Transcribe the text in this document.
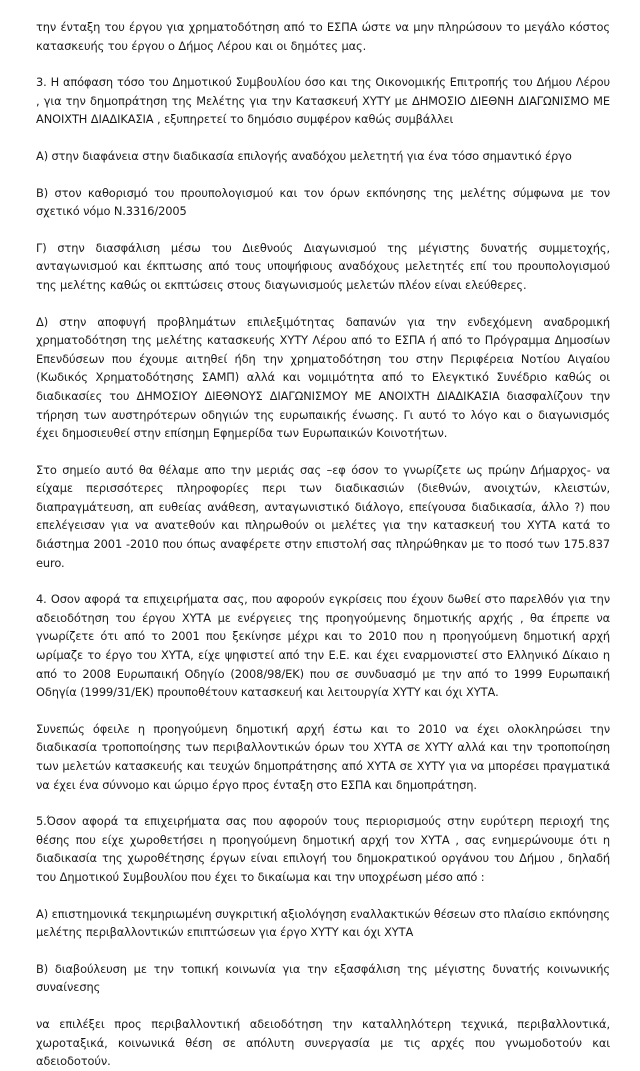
την ένταξη του έργου για χρηματοδότηση από το ΕΣΠΑ ώστε να μην πληρώσουν το μεγάλο κόστος κατασκευής του έργου ο Δήμος Λέρου και οι δημότες μας.

3. Η απόφαση τόσο του Δημοτικού Συμβουλίου όσο και της Οικονομικής Επιτροπής του Δήμου Λέρου , για την δημοπράτηση της Μελέτης για την Κατασκευή ΧΥΤΥ με ΔΗΜΟΣΙΟ ΔΙΕΘΝΗ ΔΙΑΓΩΝΙΣΜΟ ΜΕ ΑΝΟΙΧΤΗ ΔΙΑΔΙΚΑΣΙΑ , εξυπηρετεί το δημόσιο συμφέρον καθώς συμβάλλει

Α) στην διαφάνεια στην διαδικασία επιλογής αναδόχου μελετητή για ένα τόσο σημαντικό έργο

Β) στον καθορισμό του προυπολογισμού και τον όρων εκπόνησης της μελέτης σύμφωνα με τον σχετικό νόμο Ν.3316/2005

Γ) στην διασφάλιση μέσω του Διεθνούς Διαγωνισμού της μέγιστης δυνατής συμμετοχής, ανταγωνισμού και έκπτωσης από τους υποψήφιους αναδόχους μελετητές επί του προυπολογισμού της μελέτης καθώς οι εκπτώσεις στους διαγωνισμούς μελετών πλέον είναι ελεύθερες.

Δ) στην αποφυγή προβλημάτων επιλεξιμότητας δαπανών για την ενδεχόμενη αναδρομική χρηματοδότηση της μελέτης κατασκευής ΧΥΤΥ Λέρου από το ΕΣΠΑ ή από το Πρόγραμμα Δημοσίων Επενδύσεων που έχουμε αιτηθεί ήδη την χρηματοδότηση του στην Περιφέρεια Νοτίου Αιγαίου (Κωδικός Χρηματοδότησης ΣΑΜΠ) αλλά και νομιμότητα από το Ελεγκτικό Συνέδριο καθώς οι διαδικασίες του ΔΗΜΟΣΙΟΥ ΔΙΕΘΝΟΥΣ ΔΙΑΓΩΝΙΣΜΟΥ ΜΕ ΑΝΟΙΧΤΗ ΔΙΑΔΙΚΑΣΙΑ διασφαλίζουν την τήρηση των αυστηρότερων οδηγιών της ευρωπαικής ένωσης. Γι αυτό το λόγο και ο διαγωνισμός έχει δημοσιευθεί στην επίσημη Εφημερίδα των Ευρωπαικών Κοινοτήτων.

Στο σημείο αυτό θα θέλαμε απο την μεριάς σας –εφ όσον το γνωρίζετε ως πρώην Δήμαρχος- να είχαμε περισσότερες πληροφορίες περι των διαδικασιών (διεθνών, ανοιχτών, κλειστών, διαπραγμάτευση, απ ευθείας ανάθεση, ανταγωνιστικό διάλογο, επείγουσα διαδικασία, άλλο ?) που επελέγεισαν για να ανατεθούν και πληρωθούν οι μελέτες για την κατασκευή του ΧΥΤΑ κατά το διάστημα 2001 -2010 που όπως αναφέρετε στην επιστολή σας πληρώθηκαν με το ποσό των 175.837 euro.

4. Οσον αφορά τα επιχειρήματα σας, που αφορούν εγκρίσεις που έχουν δωθεί στο παρελθόν για την αδειοδότηση του έργου ΧΥΤΑ με ενέργειες της προηγούμενης δημοτικής αρχής , θα έπρεπε να γνωρίζετε ότι από το 2001 που ξεκίνησε μέχρι και το 2010 που η προηγούμενη δημοτική αρχή ωρίμαζε το έργο του ΧΥΤΑ, είχε ψηφιστεί από την Ε.Ε. και έχει εναρμονιστεί στο Ελληνικό Δίκαιο η από το 2008 Ευρωπαική Οδηγίο (2008/98/ΕΚ) που σε συνδυασμό με την από το 1999 Ευρωπαική Οδηγία (1999/31/ΕΚ) προυποθέτουν κατασκευή και λειτουργία ΧΥΤΥ και όχι ΧΥΤΑ.

Συνεπώς όφειλε η προηγούμενη δημοτική αρχή έστω και το 2010 να έχει ολοκληρώσει την διαδικασία τροποποίησης των περιβαλλοντικών όρων του ΧΥΤΑ σε ΧΥΤΥ αλλά και την τροποποίηση των μελετών κατασκευής και τευχών δημοπράτησης από ΧΥΤΑ σε ΧΥΤΥ για να μπορέσει πραγματικά να έχει ένα σύννομο και ώριμο έργο προς ένταξη στο ΕΣΠΑ και δημοπράτηση.

5.Όσον αφορά τα επιχειρήματα σας που αφορούν τους περιορισμούς στην ευρύτερη περιοχή της θέσης που είχε χωροθετήσει η προηγούμενη δημοτική αρχή τον ΧΥΤΑ , σας ενημερώνουμε ότι η διαδικασία της χωροθέτησης έργων είναι επιλογή του δημοκρατικού οργάνου του Δήμου , δηλαδή του Δημοτικού Συμβουλίου που έχει το δικαίωμα και την υποχρέωση μέσο από :

Α) επιστημονικά τεκμηριωμένη συγκριτική αξιολόγηση εναλλακτικών θέσεων στο πλαίσιο εκπόνησης μελέτης περιβαλλοντικών επιπτώσεων για έργο ΧΥΤΥ και όχι ΧΥΤΑ

Β) διαβούλευση με την τοπική κοινωνία για την εξασφάλιση της μέγιστης δυνατής κοινωνικής συναίνεσης

να επιλέξει προς περιβαλλοντική αδειοδότηση την καταλληλότερη τεχνικά, περιβαλλοντικά, χωροταξικά, κοινωνικά θέση σε απόλυτη συνεργασία με τις αρχές που γνωμοδοτούν και αδειοδοτούν.
